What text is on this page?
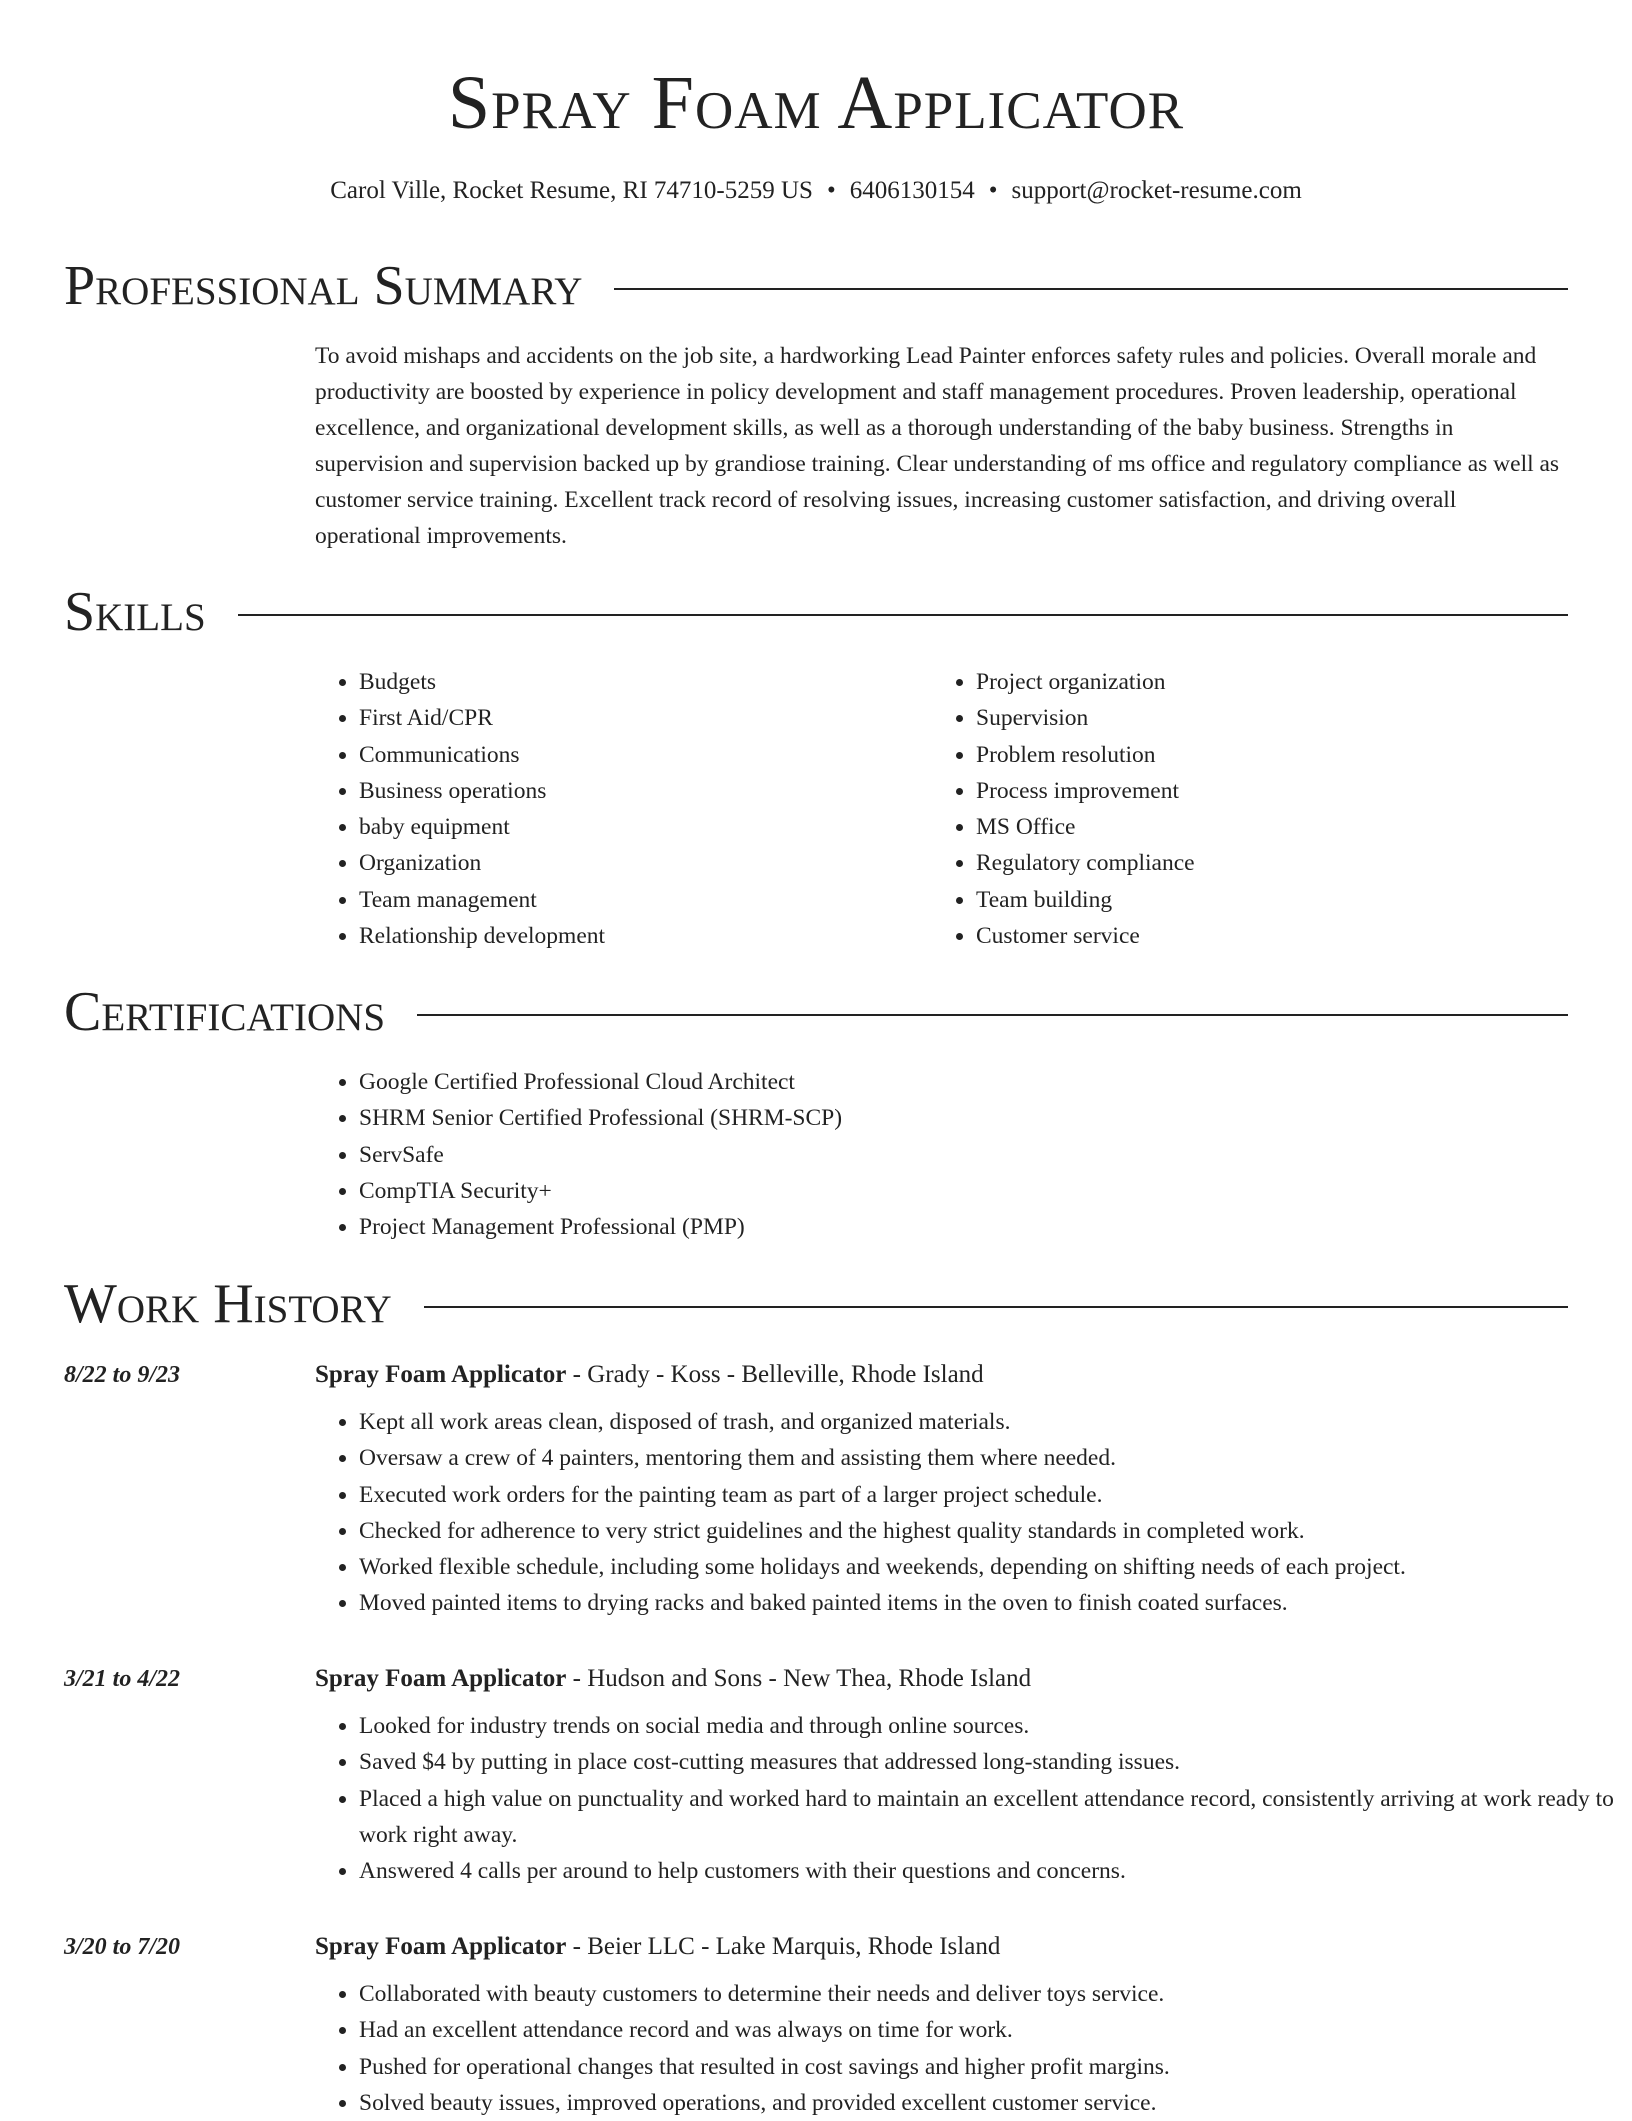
Spray Foam Applicator
Carol Ville, Rocket Resume, RI 74710-5259 US • 6406130154 • support@rocket-resume.com
Professional Summary

To avoid mishaps and accidents on the job site, a hardworking Lead Painter enforces safety rules and policies. Overall morale and productivity are boosted by experience in policy development and staff management procedures. Proven leadership, operational excellence, and organizational development skills, as well as a thorough understanding of the baby business. Strengths in supervision and supervision backed up by grandiose training. Clear understanding of ms office and regulatory compliance as well as customer service training. Excellent track record of resolving issues, increasing customer satisfaction, and driving overall operational improvements.

Skills
• Budgets
• First Aid/CPR
• Communications
• Business operations
• baby equipment
• Organization
• Team management
• Relationship development
• Project organization
• Supervision
• Problem resolution
• Process improvement
• MS Office
• Regulatory compliance
• Team building
• Customer service
Certifications
• Google Certified Professional Cloud Architect
• SHRM Senior Certified Professional (SHRM-SCP)
• ServSafe
• CompTIA Security+
• Project Management Professional (PMP)
Work History
8/22 to 9/23	Spray Foam Applicator - Grady - Koss - Belleville, Rhode Island
• Kept all work areas clean, disposed of trash, and organized materials.
• Oversaw a crew of 4 painters, mentoring them and assisting them where needed.
• Executed work orders for the painting team as part of a larger project schedule.
• Checked for adherence to very strict guidelines and the highest quality standards in completed work.
• Worked flexible schedule, including some holidays and weekends, depending on shifting needs of each project.
• Moved painted items to drying racks and baked painted items in the oven to finish coated surfaces.
3/21 to 4/22	Spray Foam Applicator - Hudson and Sons - New Thea, Rhode Island
• Looked for industry trends on social media and through online sources.
• Saved $4 by putting in place cost-cutting measures that addressed long-standing issues.
• Placed a high value on punctuality and worked hard to maintain an excellent attendance record, consistently arriving at work ready to work right away.
• Answered 4 calls per around to help customers with their questions and concerns.
3/20 to 7/20	Spray Foam Applicator - Beier LLC - Lake Marquis, Rhode Island
• Collaborated with beauty customers to determine their needs and deliver toys service.
• Had an excellent attendance record and was always on time for work.
• Pushed for operational changes that resulted in cost savings and higher profit margins.
• Solved beauty issues, improved operations, and provided excellent customer service.
